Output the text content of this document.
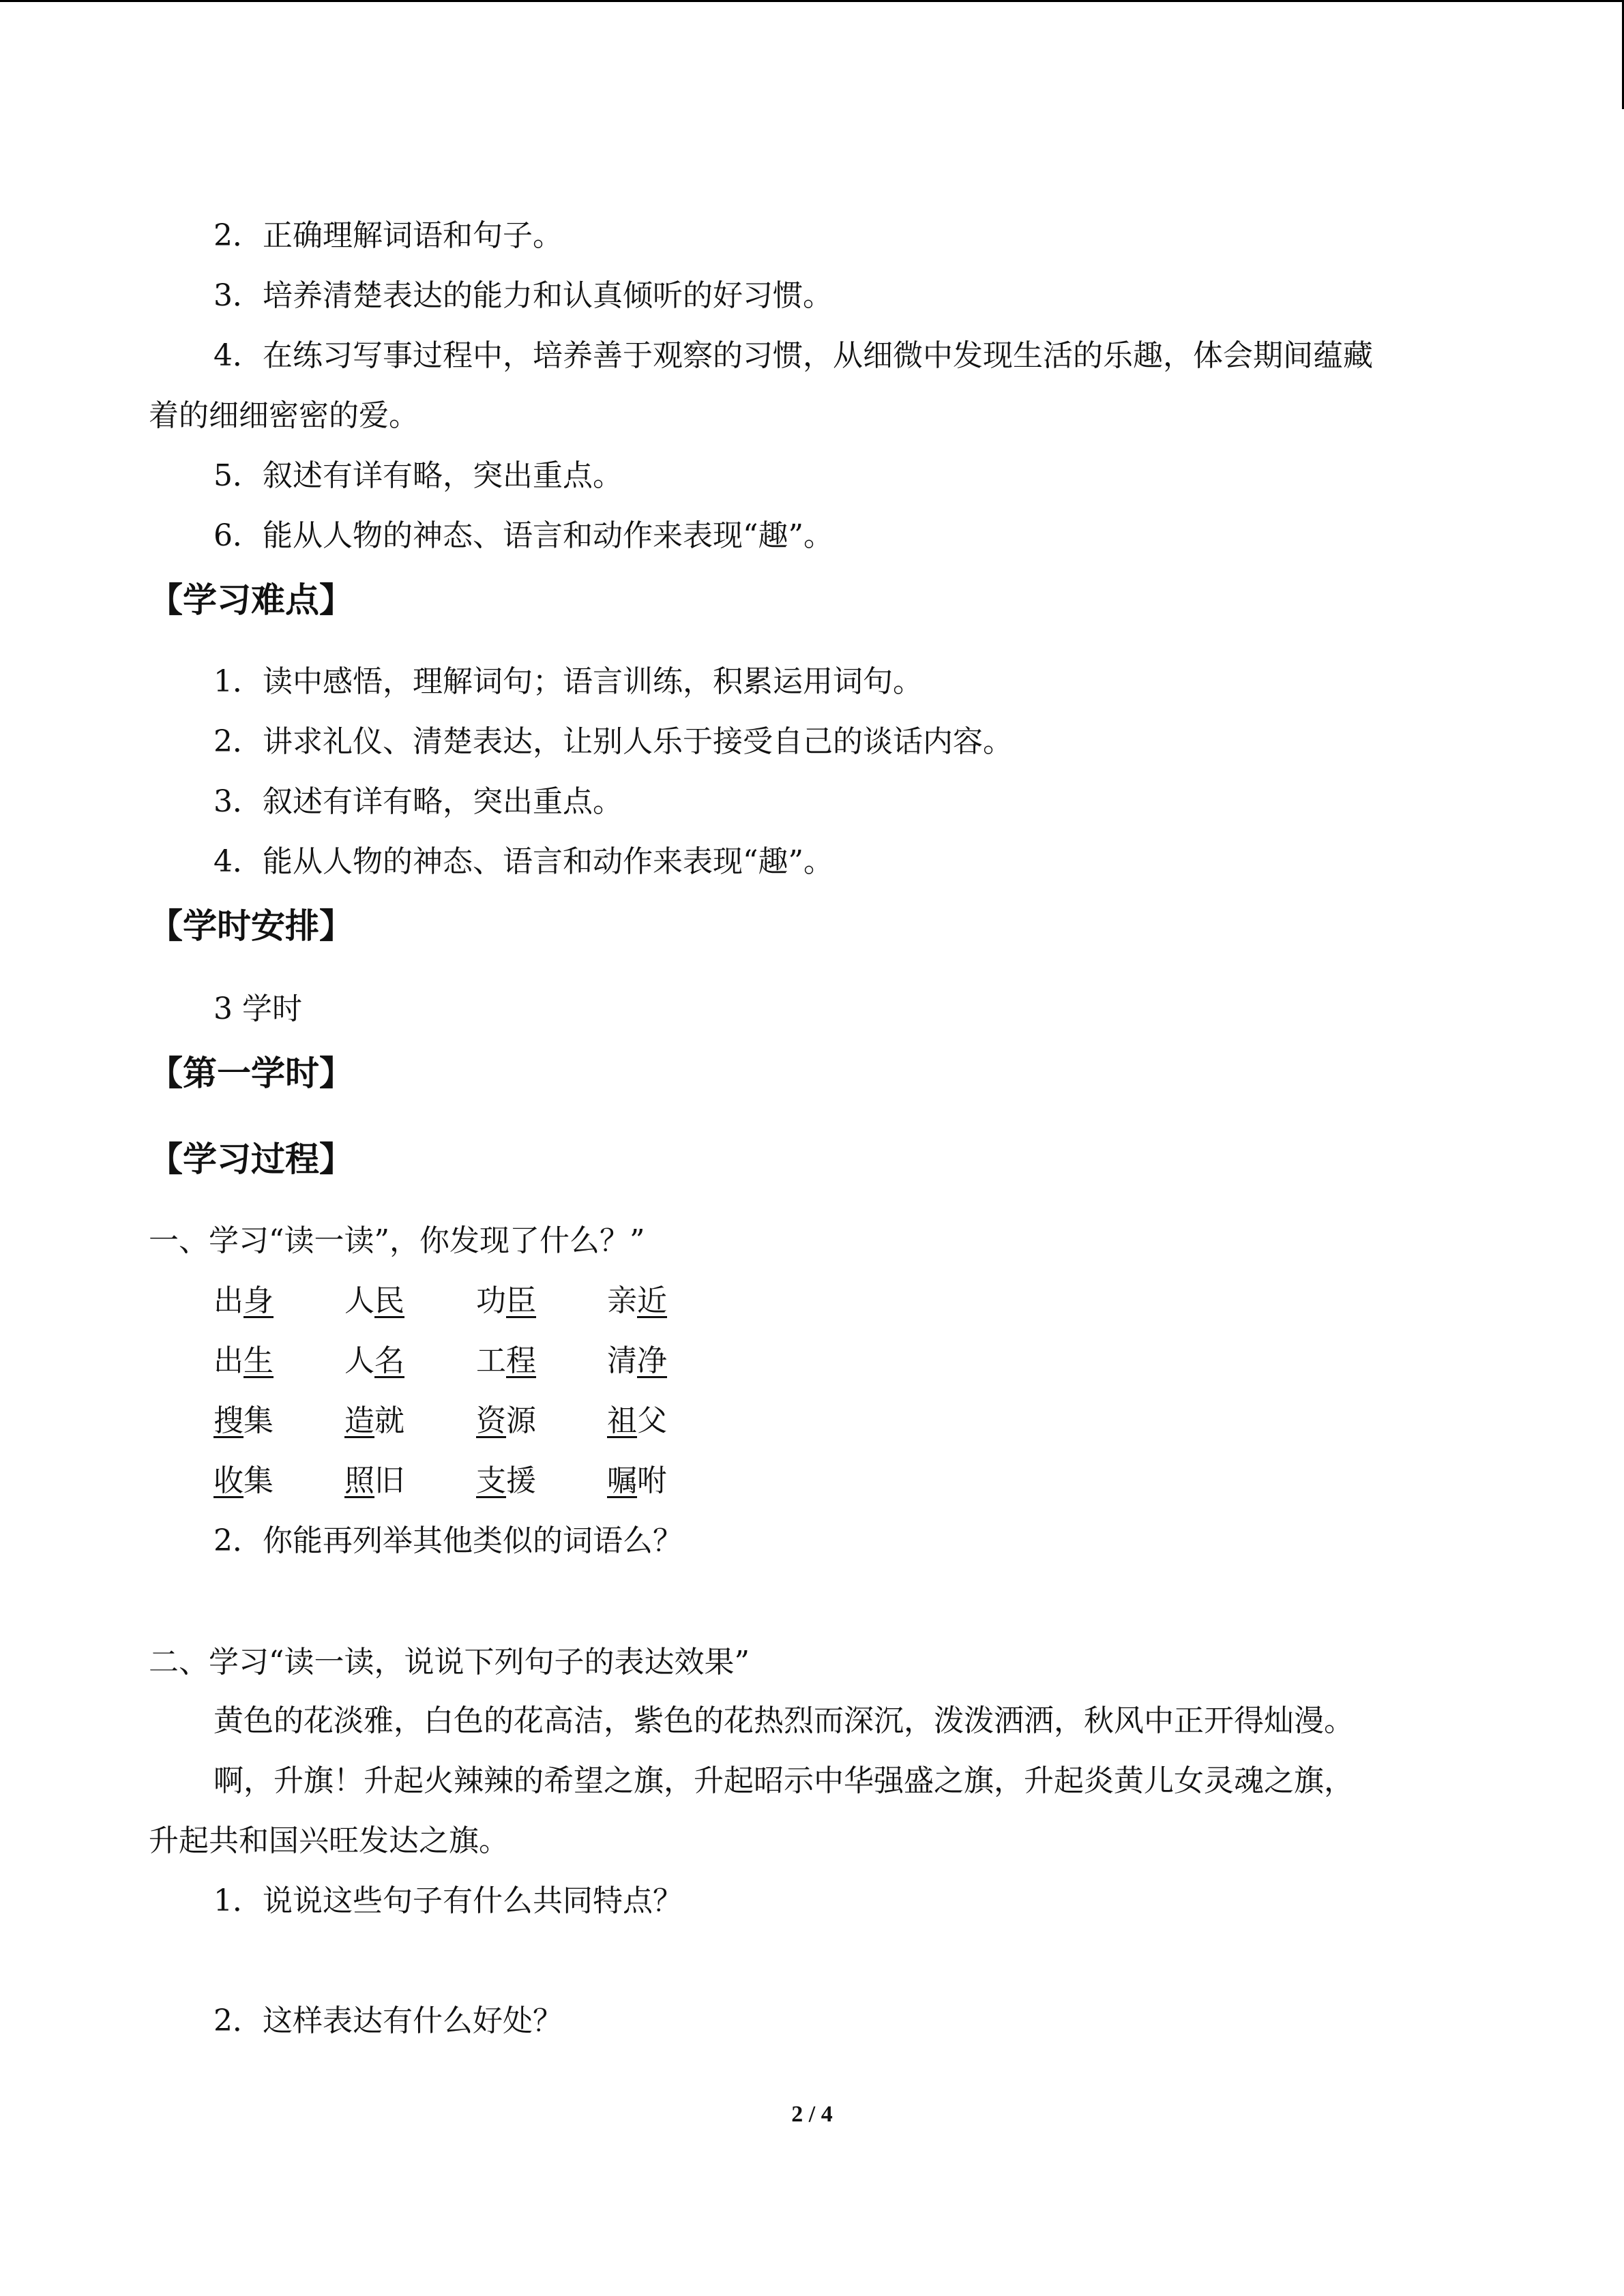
2．正确理解词语和句子。
3．培养清楚表达的能力和认真倾听的好习惯。
4．在练习写事过程中，培养善于观察的习惯，从细微中发现生活的乐趣，体会期间蕴藏
着的细细密密的爱。
5．叙述有详有略，突出重点。
6．能从人物的神态、语言和动作来表现“趣”。
【学习难点】
1．读中感悟，理解词句；语言训练，积累运用词句。
2．讲求礼仪、清楚表达，让别人乐于接受自己的谈话内容。
3．叙述有详有略，突出重点。
4．能从人物的神态、语言和动作来表现“趣”。
【学时安排】
3 学时
【第一学时】
【学习过程】
一、学习“读一读”，你发现了什么？”
出身 人民 功臣 亲近
出生 人名 工程 清净
搜集 造就 资源 祖父
收集 照旧 支援 嘱咐
2．你能再列举其他类似的词语么？
二、学习“读一读，说说下列句子的表达效果”
黄色的花淡雅，白色的花高洁，紫色的花热烈而深沉，泼泼洒洒，秋风中正开得灿漫。
啊，升旗！升起火辣辣的希望之旗，升起昭示中华强盛之旗，升起炎黄儿女灵魂之旗，
升起共和国兴旺发达之旗。
1．说说这些句子有什么共同特点？
2．这样表达有什么好处？
2 / 4
